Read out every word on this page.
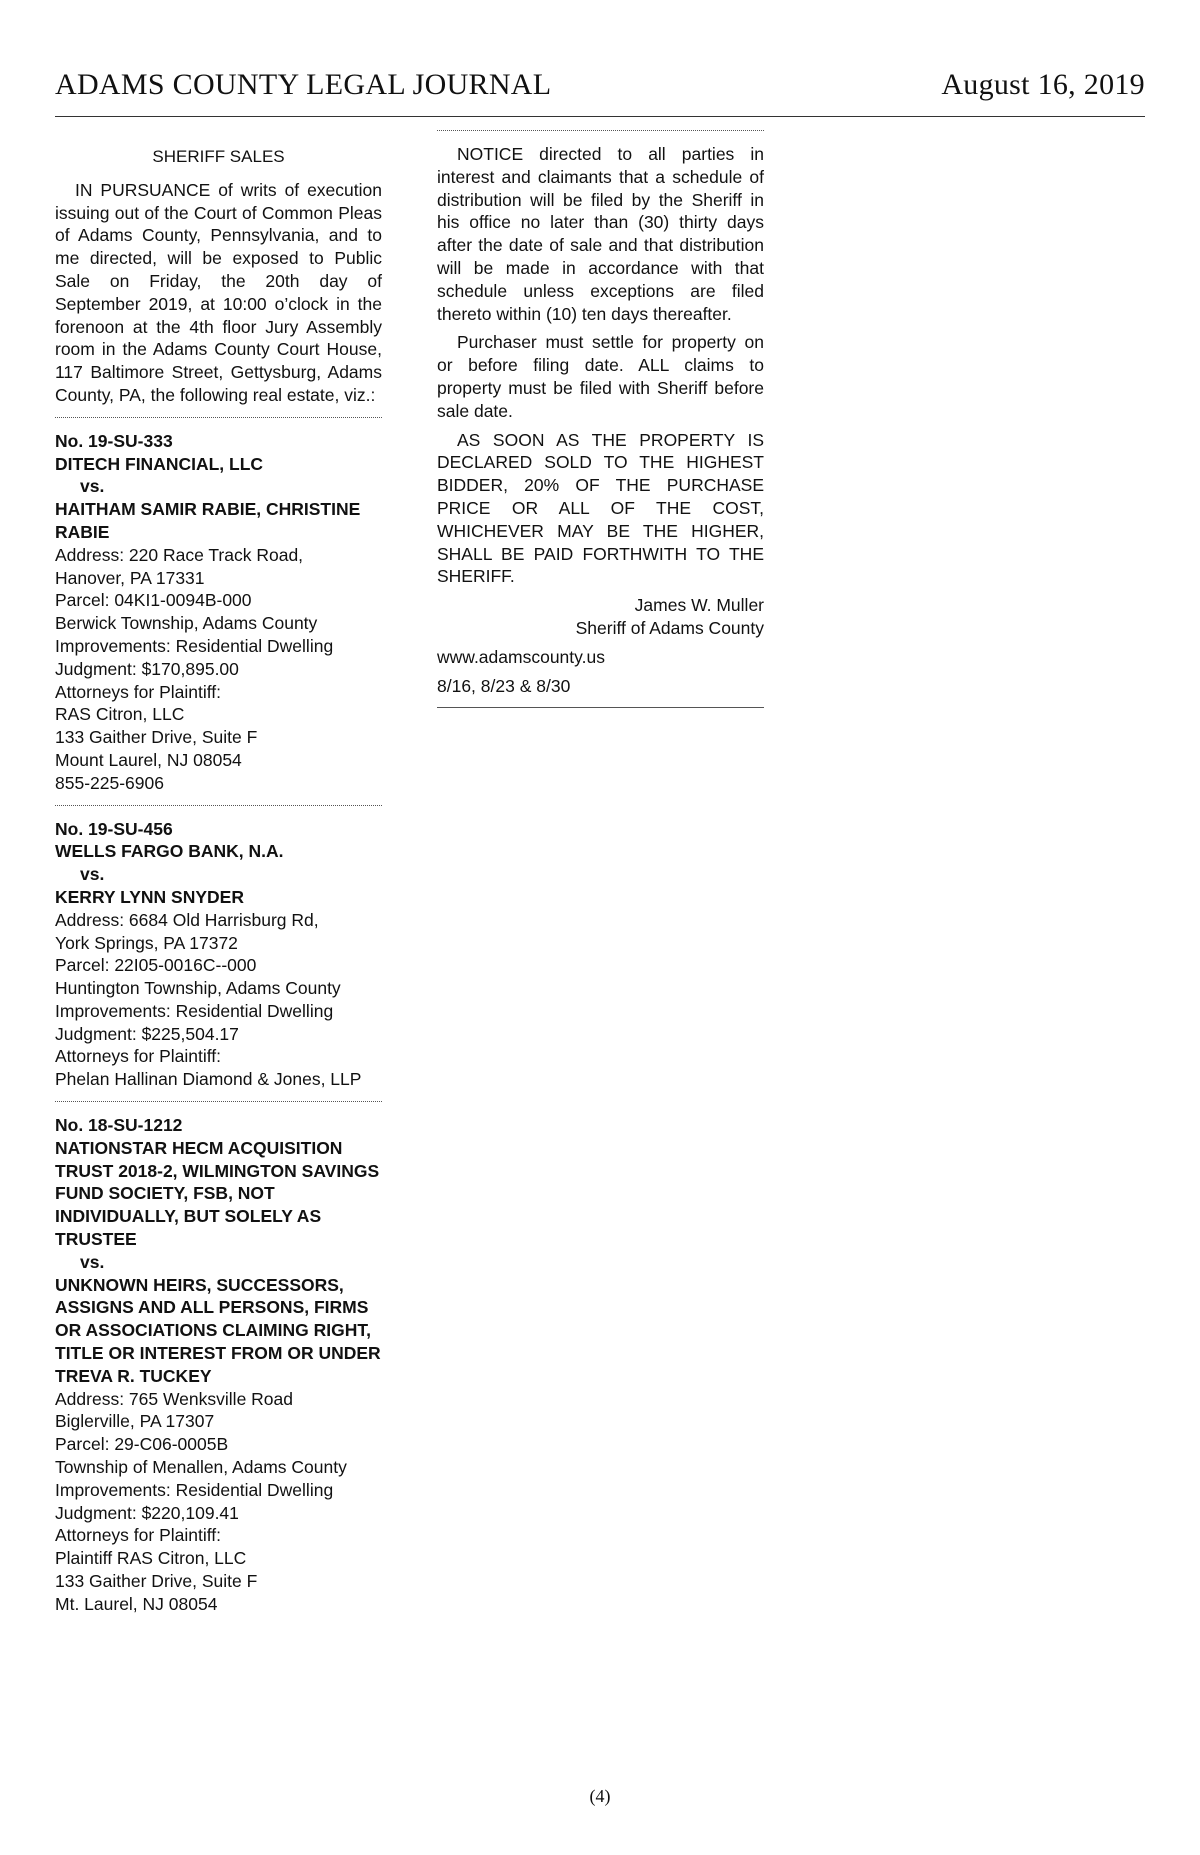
ADAMS COUNTY LEGAL JOURNAL	August 16, 2019
SHERIFF SALES

IN PURSUANCE of writs of execution issuing out of the Court of Common Pleas of Adams County, Pennsylvania, and to me directed, will be exposed to Public Sale on Friday, the 20th day of September 2019, at 10:00 o’clock in the forenoon at the 4th floor Jury Assembly room in the Adams County Court House, 117 Baltimore Street, Gettysburg, Adams County, PA, the following real estate, viz.:

No. 19-SU-333
DITECH FINANCIAL, LLC
vs.
HAITHAM SAMIR RABIE, CHRISTINE RABIE
Address: 220 Race Track Road,
Hanover, PA 17331
Parcel: 04KI1-0094B-000
Berwick Township, Adams County
Improvements: Residential Dwelling
Judgment: $170,895.00
Attorneys for Plaintiff:
RAS Citron, LLC
133 Gaither Drive, Suite F
Mount Laurel, NJ 08054
855-225-6906
No. 19-SU-456
WELLS FARGO BANK, N.A.
vs.
KERRY LYNN SNYDER
Address: 6684 Old Harrisburg Rd,
York Springs, PA 17372
Parcel: 22I05-0016C--000
Huntington Township, Adams County
Improvements: Residential Dwelling
Judgment: $225,504.17
Attorneys for Plaintiff:
Phelan Hallinan Diamond & Jones, LLP
No. 18-SU-1212
NATIONSTAR HECM ACQUISITION TRUST 2018-2, WILMINGTON SAVINGS FUND SOCIETY, FSB, NOT INDIVIDUALLY, BUT SOLELY AS TRUSTEE
vs.
UNKNOWN HEIRS, SUCCESSORS, ASSIGNS AND ALL PERSONS, FIRMS OR ASSOCIATIONS CLAIMING RIGHT, TITLE OR INTEREST FROM OR UNDER TREVA R. TUCKEY
Address: 765 Wenksville Road
Biglerville, PA 17307
Parcel: 29-C06-0005B
Township of Menallen, Adams County
Improvements: Residential Dwelling
Judgment: $220,109.41
Attorneys for Plaintiff:
Plaintiff RAS Citron, LLC
133 Gaither Drive, Suite F
Mt. Laurel, NJ 08054

NOTICE directed to all parties in interest and claimants that a schedule of distribution will be filed by the Sheriff in his office no later than (30) thirty days after the date of sale and that distribution will be made in accordance with that schedule unless exceptions are filed thereto within (10) ten days thereafter.

Purchaser must settle for property on or before filing date. ALL claims to property must be filed with Sheriff before sale date.

AS SOON AS THE PROPERTY IS DECLARED SOLD TO THE HIGHEST BIDDER, 20% OF THE PURCHASE PRICE OR ALL OF THE COST, WHICHEVER MAY BE THE HIGHER, SHALL BE PAID FORTHWITH TO THE SHERIFF.

James W. Muller

Sheriff of Adams County

www.adamscounty.us

8/16, 8/23 & 8/30

(4)
